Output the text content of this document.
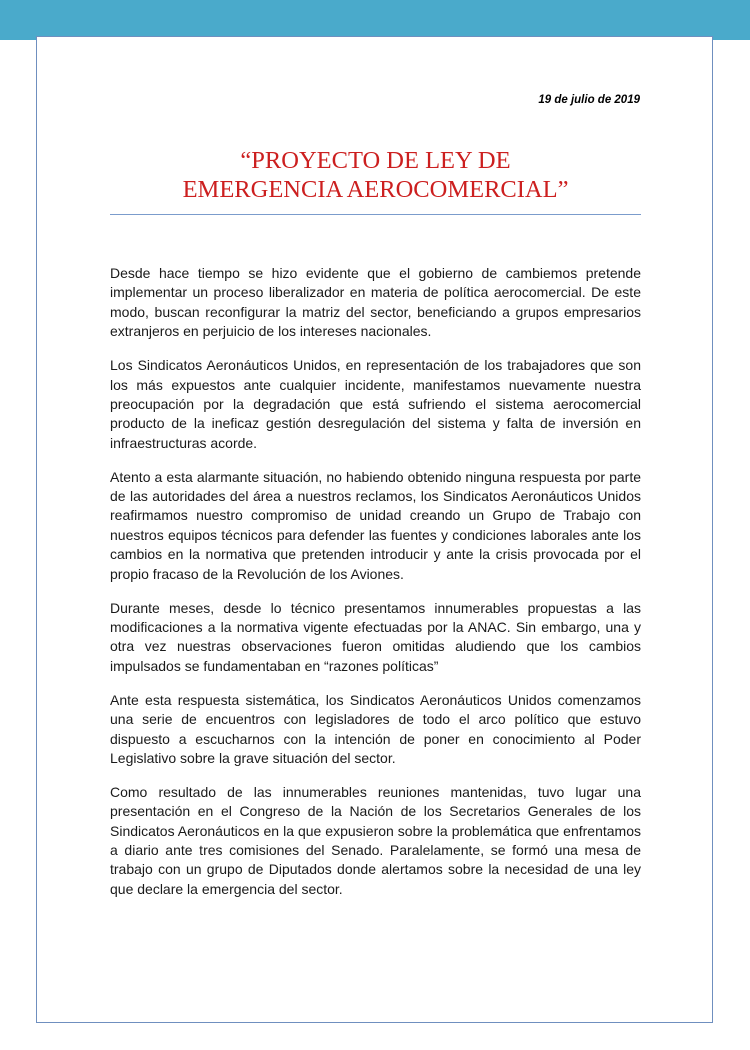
19 de julio de 2019
“PROYECTO DE LEY DE
EMERGENCIA AEROCOMERCIAL”

Desde hace tiempo se hizo evidente que el gobierno de cambiemos pretende implementar un proceso liberalizador en materia de política aerocomercial. De este modo, buscan reconfigurar la matriz del sector, beneficiando a grupos empresarios extranjeros en perjuicio de los intereses nacionales.

Los Sindicatos Aeronáuticos Unidos, en representación de los trabajadores que son los más expuestos ante cualquier incidente, manifestamos nuevamente nuestra preocupación por la degradación que está sufriendo el sistema aerocomercial producto de la ineficaz gestión desregulación del sistema y falta de inversión en infraestructuras acorde.

Atento a esta alarmante situación, no habiendo obtenido ninguna respuesta por parte de las autoridades del área a nuestros reclamos, los Sindicatos Aeronáuticos Unidos reafirmamos nuestro compromiso de unidad creando un Grupo de Trabajo con nuestros equipos técnicos para defender las fuentes y condiciones laborales ante los cambios en la normativa que pretenden introducir y ante la crisis provocada por el propio fracaso de la Revolución de los Aviones.

Durante meses, desde lo técnico presentamos innumerables propuestas a las modificaciones a la normativa vigente efectuadas por la ANAC. Sin embargo, una y otra vez nuestras observaciones fueron omitidas aludiendo que los cambios impulsados se fundamentaban en “razones políticas”

Ante esta respuesta sistemática, los Sindicatos Aeronáuticos Unidos comenzamos una serie de encuentros con legisladores de todo el arco político que estuvo dispuesto a escucharnos con la intención de poner en conocimiento al Poder Legislativo sobre la grave situación del sector.

Como resultado de las innumerables reuniones mantenidas, tuvo lugar una presentación en el Congreso de la Nación de los Secretarios Generales de los Sindicatos Aeronáuticos en la que expusieron sobre la problemática que enfrentamos a diario ante tres comisiones del Senado. Paralelamente, se formó una mesa de trabajo con un grupo de Diputados donde alertamos sobre la necesidad de una ley que declare la emergencia del sector.
